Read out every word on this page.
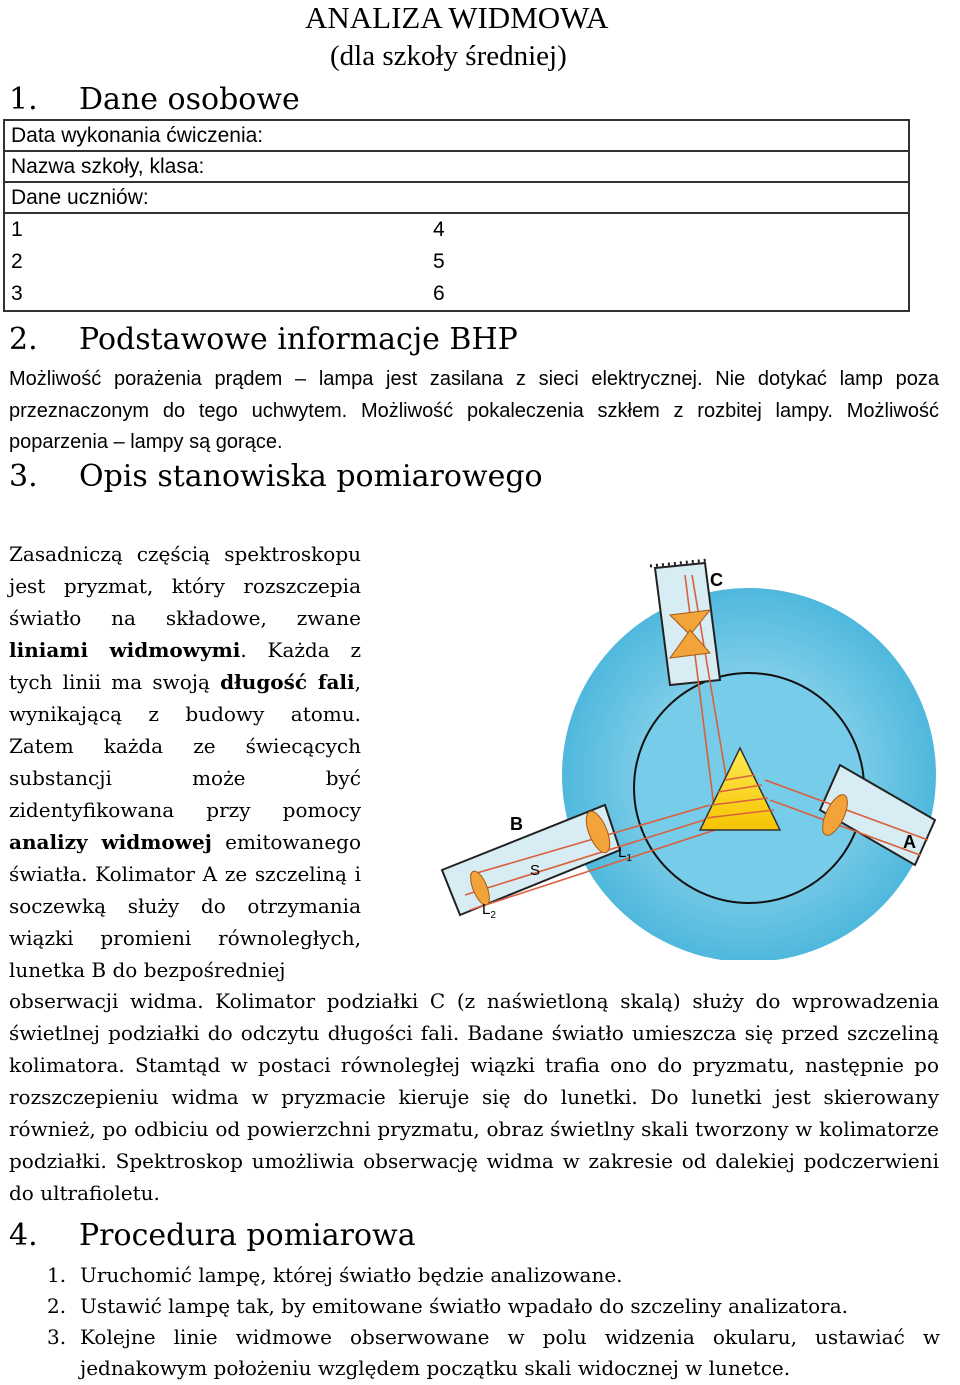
ANALIZA WIDMOWA
(dla szkoły średniej)
1. Dane osobowe
Data wykonania ćwiczenia:	
Nazwa szkoły, klasa:	
Dane uczniów:	
1	4
2	5
3	6
2. Podstawowe informacje BHP
Możliwość porażenia prądem – lampa jest zasilana z sieci elektrycznej. Nie dotykać lamp poza przeznaczonym do tego uchwytem. Możliwość pokaleczenia szkłem z rozbitej lampy. Możliwość poparzenia – lampy są gorące.
3. Opis stanowiska pomiarowego

Zasadniczą częścią spektroskopu jest pryzmat, który rozszczepia światło na składowe, zwane liniami widmowymi. Każda z tych linii ma swoją długość fali, wynikającą z budowy atomu. Zatem każda ze świecących substancji może być zidentyfikowana przy pomocy analizy widmowej emitowanego światła. Kolimator A ze szczeliną i soczewką służy do otrzymania wiązki promieni równoległych, lunetka B do bezpośredniej

obserwacji widma. Kolimator podziałki C (z naświetloną skalą) służy do wprowadzenia świetlnej podziałki do odczytu długości fali. Badane światło umieszcza się przed szczeliną kolimatora. Stamtąd w postaci równoległej wiązki trafia ono do pryzmatu, następnie po rozszczepieniu widma w pryzmacie kieruje się do lunetki. Do lunetki jest skierowany również, po odbiciu od powierzchni pryzmatu, obraz świetlny skali tworzony w kolimatorze podziałki. Spektroskop umożliwia obserwację widma w zakresie od dalekiej podczerwieni do ultrafioletu.

C
A
B
S
$L_1$
$L_2$
4. Procedura pomiarowa
1. Uruchomić lampę, której światło będzie analizowane.
2. Ustawić lampę tak, by emitowane światło wpadało do szczeliny analizatora.
3. Kolejne linie widmowe obserwowane w polu widzenia okularu, ustawiać w jednakowym położeniu względem początku skali widocznej w lunetce.
